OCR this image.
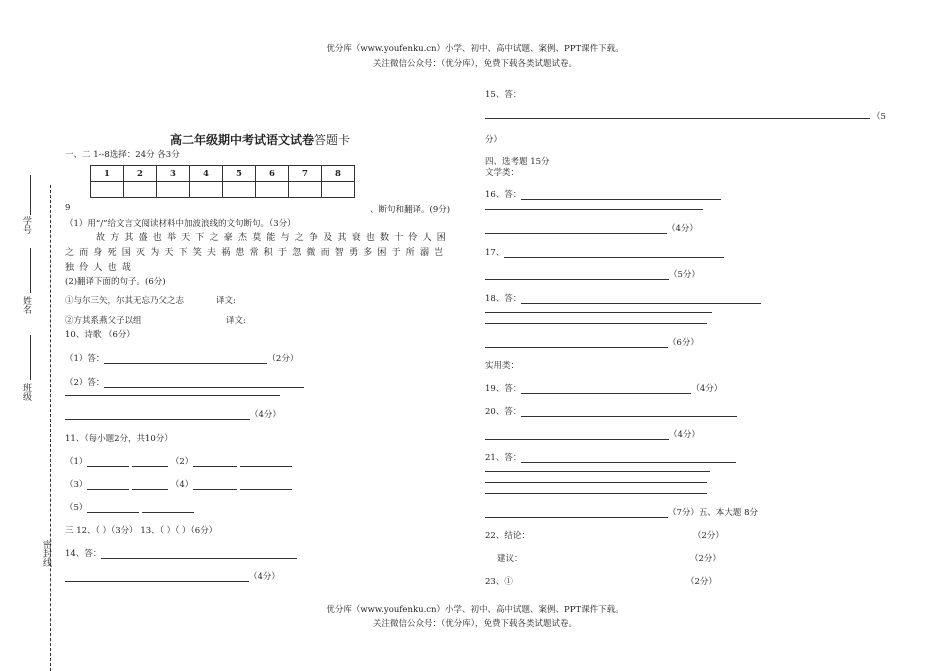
优分库（www.youfenku.cn）小学、初中、高中试题、案例、PPT课件下载。
关注微信公众号：（优分库），免费下载各类试题试卷。
学号
姓名
班级
密封线
高二年级期中考试语文试卷答题卡
一、二 1--8选择：24分 各3分
1	2	3	4	5	6	7	8

9	、断句和翻译。(9分)
（1）用“/”给文言文阅读材料中加波浪线的文句断句。（3分）
故方其盛也举天下之豪杰莫能与之争及其衰也数十伶人困
之而身死国灭为天下笑夫祸患常积于忽微而智勇多困于所溺岂
独伶人也哉
(2)翻译下面的句子。(6分)
①与尔三矢，尔其无忘乃父之志	译文:
②方其系燕父子以组	译文:
10、诗歌 （6分）
（1）答：	（2分）
（2）答：
（4分）
11、（每小题2分，共10分）
（1）	（2）
（3）	（4）
（5）
三 12、（ ）（3分） 13、（ ）（ ）（6分）
14、答：
（4分）
15、答：
（5
分）
四、选考题 15分
文学类：
16、答：
（4分）
17、
（5分）
18、答：
（6分）
实用类：
19、答：	（4分）
20、答：
（4分）
21、答：
（7分）五、本大题 8分
22、结论：	（2分）
建议：	（2分）
23、①	（2分）
优分库（www.youfenku.cn）小学、初中、高中试题、案例、PPT课件下载。
关注微信公众号：（优分库），免费下载各类试题试卷。
